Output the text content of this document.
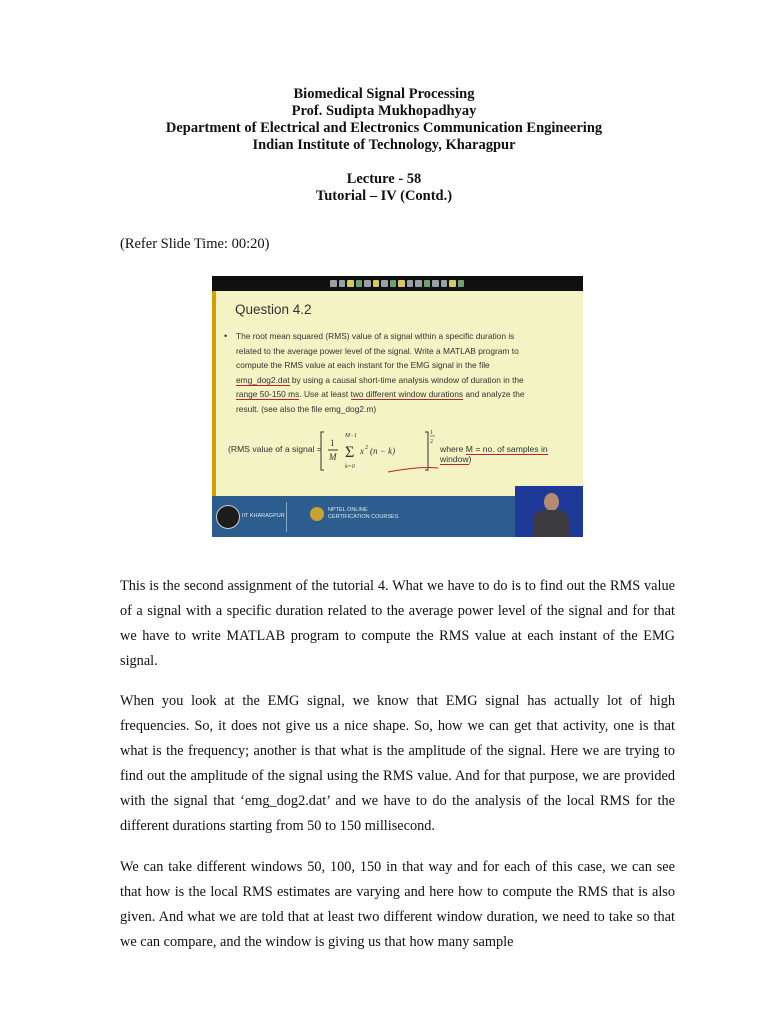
Biomedical Signal Processing
Prof. Sudipta Mukhopadhyay
Department of Electrical and Electronics Communication Engineering
Indian Institute of Technology, Kharagpur
Lecture - 58
Tutorial – IV (Contd.)
(Refer Slide Time: 00:20)
Question 4.2
• The root mean squared (RMS) value of a signal within a specific duration is
related to the average power level of the signal. Write a MATLAB program to
compute the RMS value at each instant for the EMG signal in the file
emg_dog2.dat by using a causal short-time analysis window of duration in the
range 50-150 ms. Use at least two different window durations and analyze the
result. (see also the file emg_dog2.m)
(RMS value of a signal =
1
M Σ
M−1
k=0
x 2 (n − k)
1
2
where M = no. of samples in window)
IIT KHARAGPUR
NPTEL ONLINE
CERTIFICATION COURSES

This is the second assignment of the tutorial 4. What we have to do is to find out the RMS value of a signal with a specific duration related to the average power level of the signal and for that we have to write MATLAB program to compute the RMS value at each instant of the EMG signal.

When you look at the EMG signal, we know that EMG signal has actually lot of high frequencies. So, it does not give us a nice shape. So, how we can get that activity, one is that what is the frequency; another is that what is the amplitude of the signal. Here we are trying to find out the amplitude of the signal using the RMS value. And for that purpose, we are provided with the signal that ‘emg_dog2.dat’ and we have to do the analysis of the local RMS for the different durations starting from 50 to 150 millisecond.

We can take different windows 50, 100, 150 in that way and for each of this case, we can see that how is the local RMS estimates are varying and here how to compute the RMS that is also given. And what we are told that at least two different window duration, we need to take so that we can compare, and the window is giving us that how many sample
